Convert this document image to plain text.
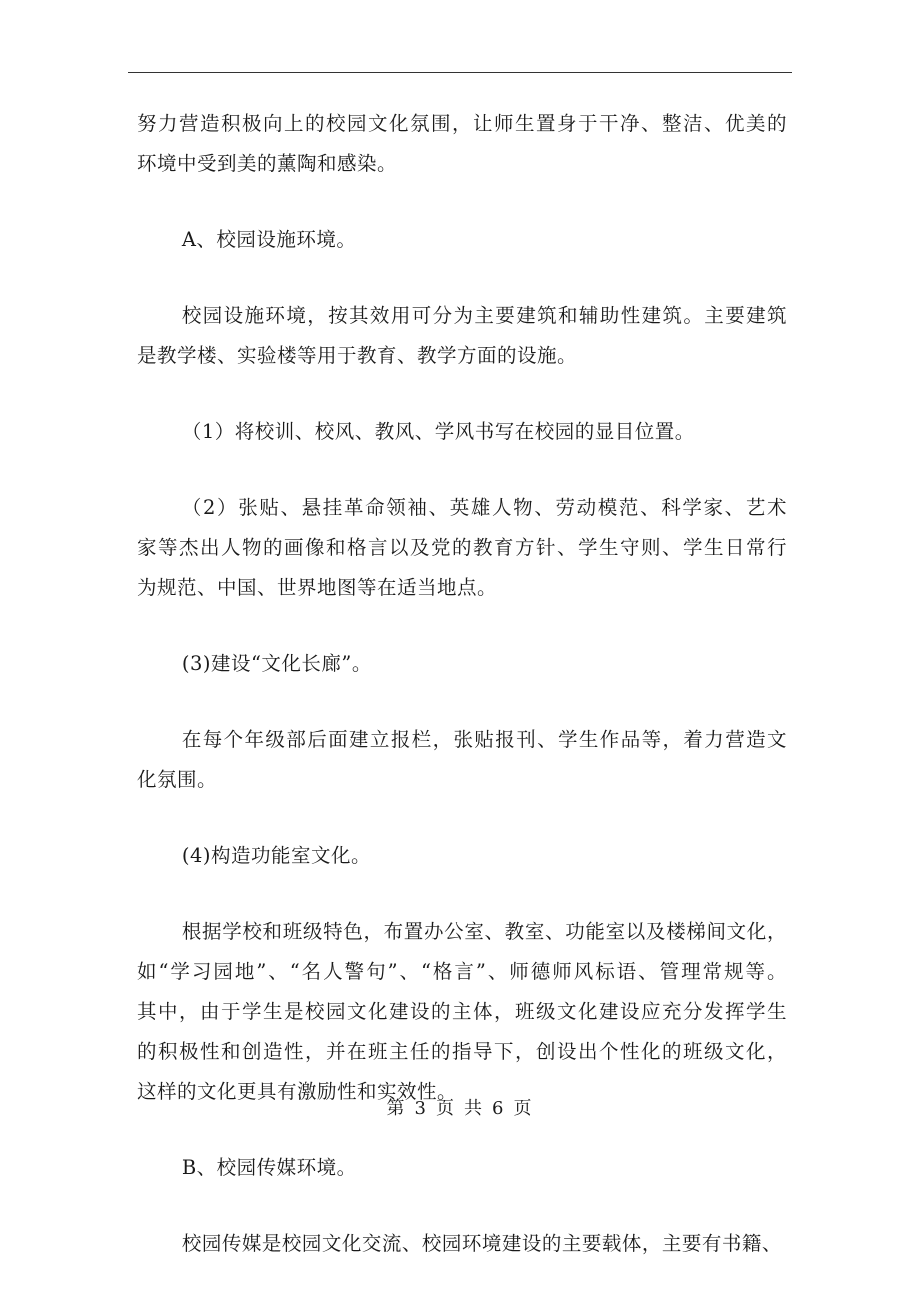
努力营造积极向上的校园文化氛围，让师生置身于干净、整洁、优美的
环境中受到美的薰陶和感染。
A、校园设施环境。
校园设施环境，按其效用可分为主要建筑和辅助性建筑。主要建筑
是教学楼、实验楼等用于教育、教学方面的设施。
（1）将校训、校风、教风、学风书写在校园的显目位置。
（2）张贴、悬挂革命领袖、英雄人物、劳动模范、科学家、艺术
家等杰出人物的画像和格言以及党的教育方针、学生守则、学生日常行
为规范、中国、世界地图等在适当地点。
(3)建设“文化长廊”。
在每个年级部后面建立报栏，张贴报刊、学生作品等，着力营造文
化氛围。
(4)构造功能室文化。
根据学校和班级特色，布置办公室、教室、功能室以及楼梯间文化，
如“学习园地”、“名人警句”、“格言”、师德师风标语、管理常规等。
其中，由于学生是校园文化建设的主体，班级文化建设应充分发挥学生
的积极性和创造性，并在班主任的指导下，创设出个性化的班级文化，
这样的文化更具有激励性和实效性。
B、校园传媒环境。
校园传媒是校园文化交流、校园环境建设的主要载体，主要有书籍、
第 3 页 共 6 页
